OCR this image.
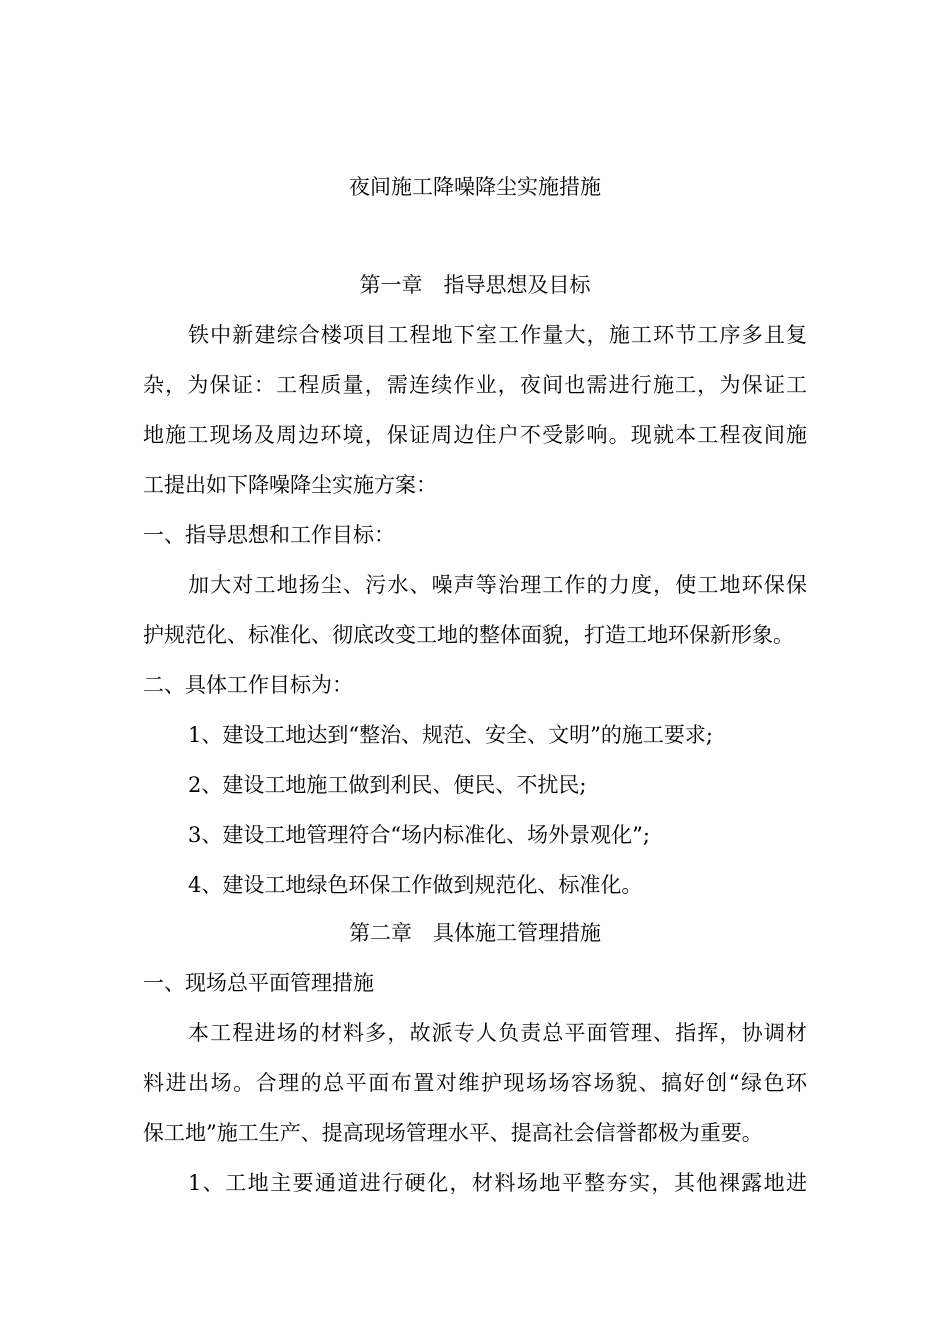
夜间施工降噪降尘实施措施
第一章　指导思想及目标
铁中新建综合楼项目工程地下室工作量大，施工环节工序多且复
杂，为保证：工程质量，需连续作业，夜间也需进行施工，为保证工
地施工现场及周边环境，保证周边住户不受影响。现就本工程夜间施
工提出如下降噪降尘实施方案：
一、指导思想和工作目标：
加大对工地扬尘、污水、噪声等治理工作的力度，使工地环保保
护规范化、标准化、彻底改变工地的整体面貌，打造工地环保新形象。
二、具体工作目标为：
1、建设工地达到“整治、规范、安全、文明”的施工要求;
2、建设工地施工做到利民、便民、不扰民;
3、建设工地管理符合“场内标准化、场外景观化”;
4、建设工地绿色环保工作做到规范化、标准化。
第二章　具体施工管理措施
一、现场总平面管理措施
本工程进场的材料多，故派专人负责总平面管理、指挥，协调材
料进出场。合理的总平面布置对维护现场场容场貌、搞好创“绿色环
保工地”施工生产、提高现场管理水平、提高社会信誉都极为重要。
1、工地主要通道进行硬化，材料场地平整夯实，其他裸露地进
